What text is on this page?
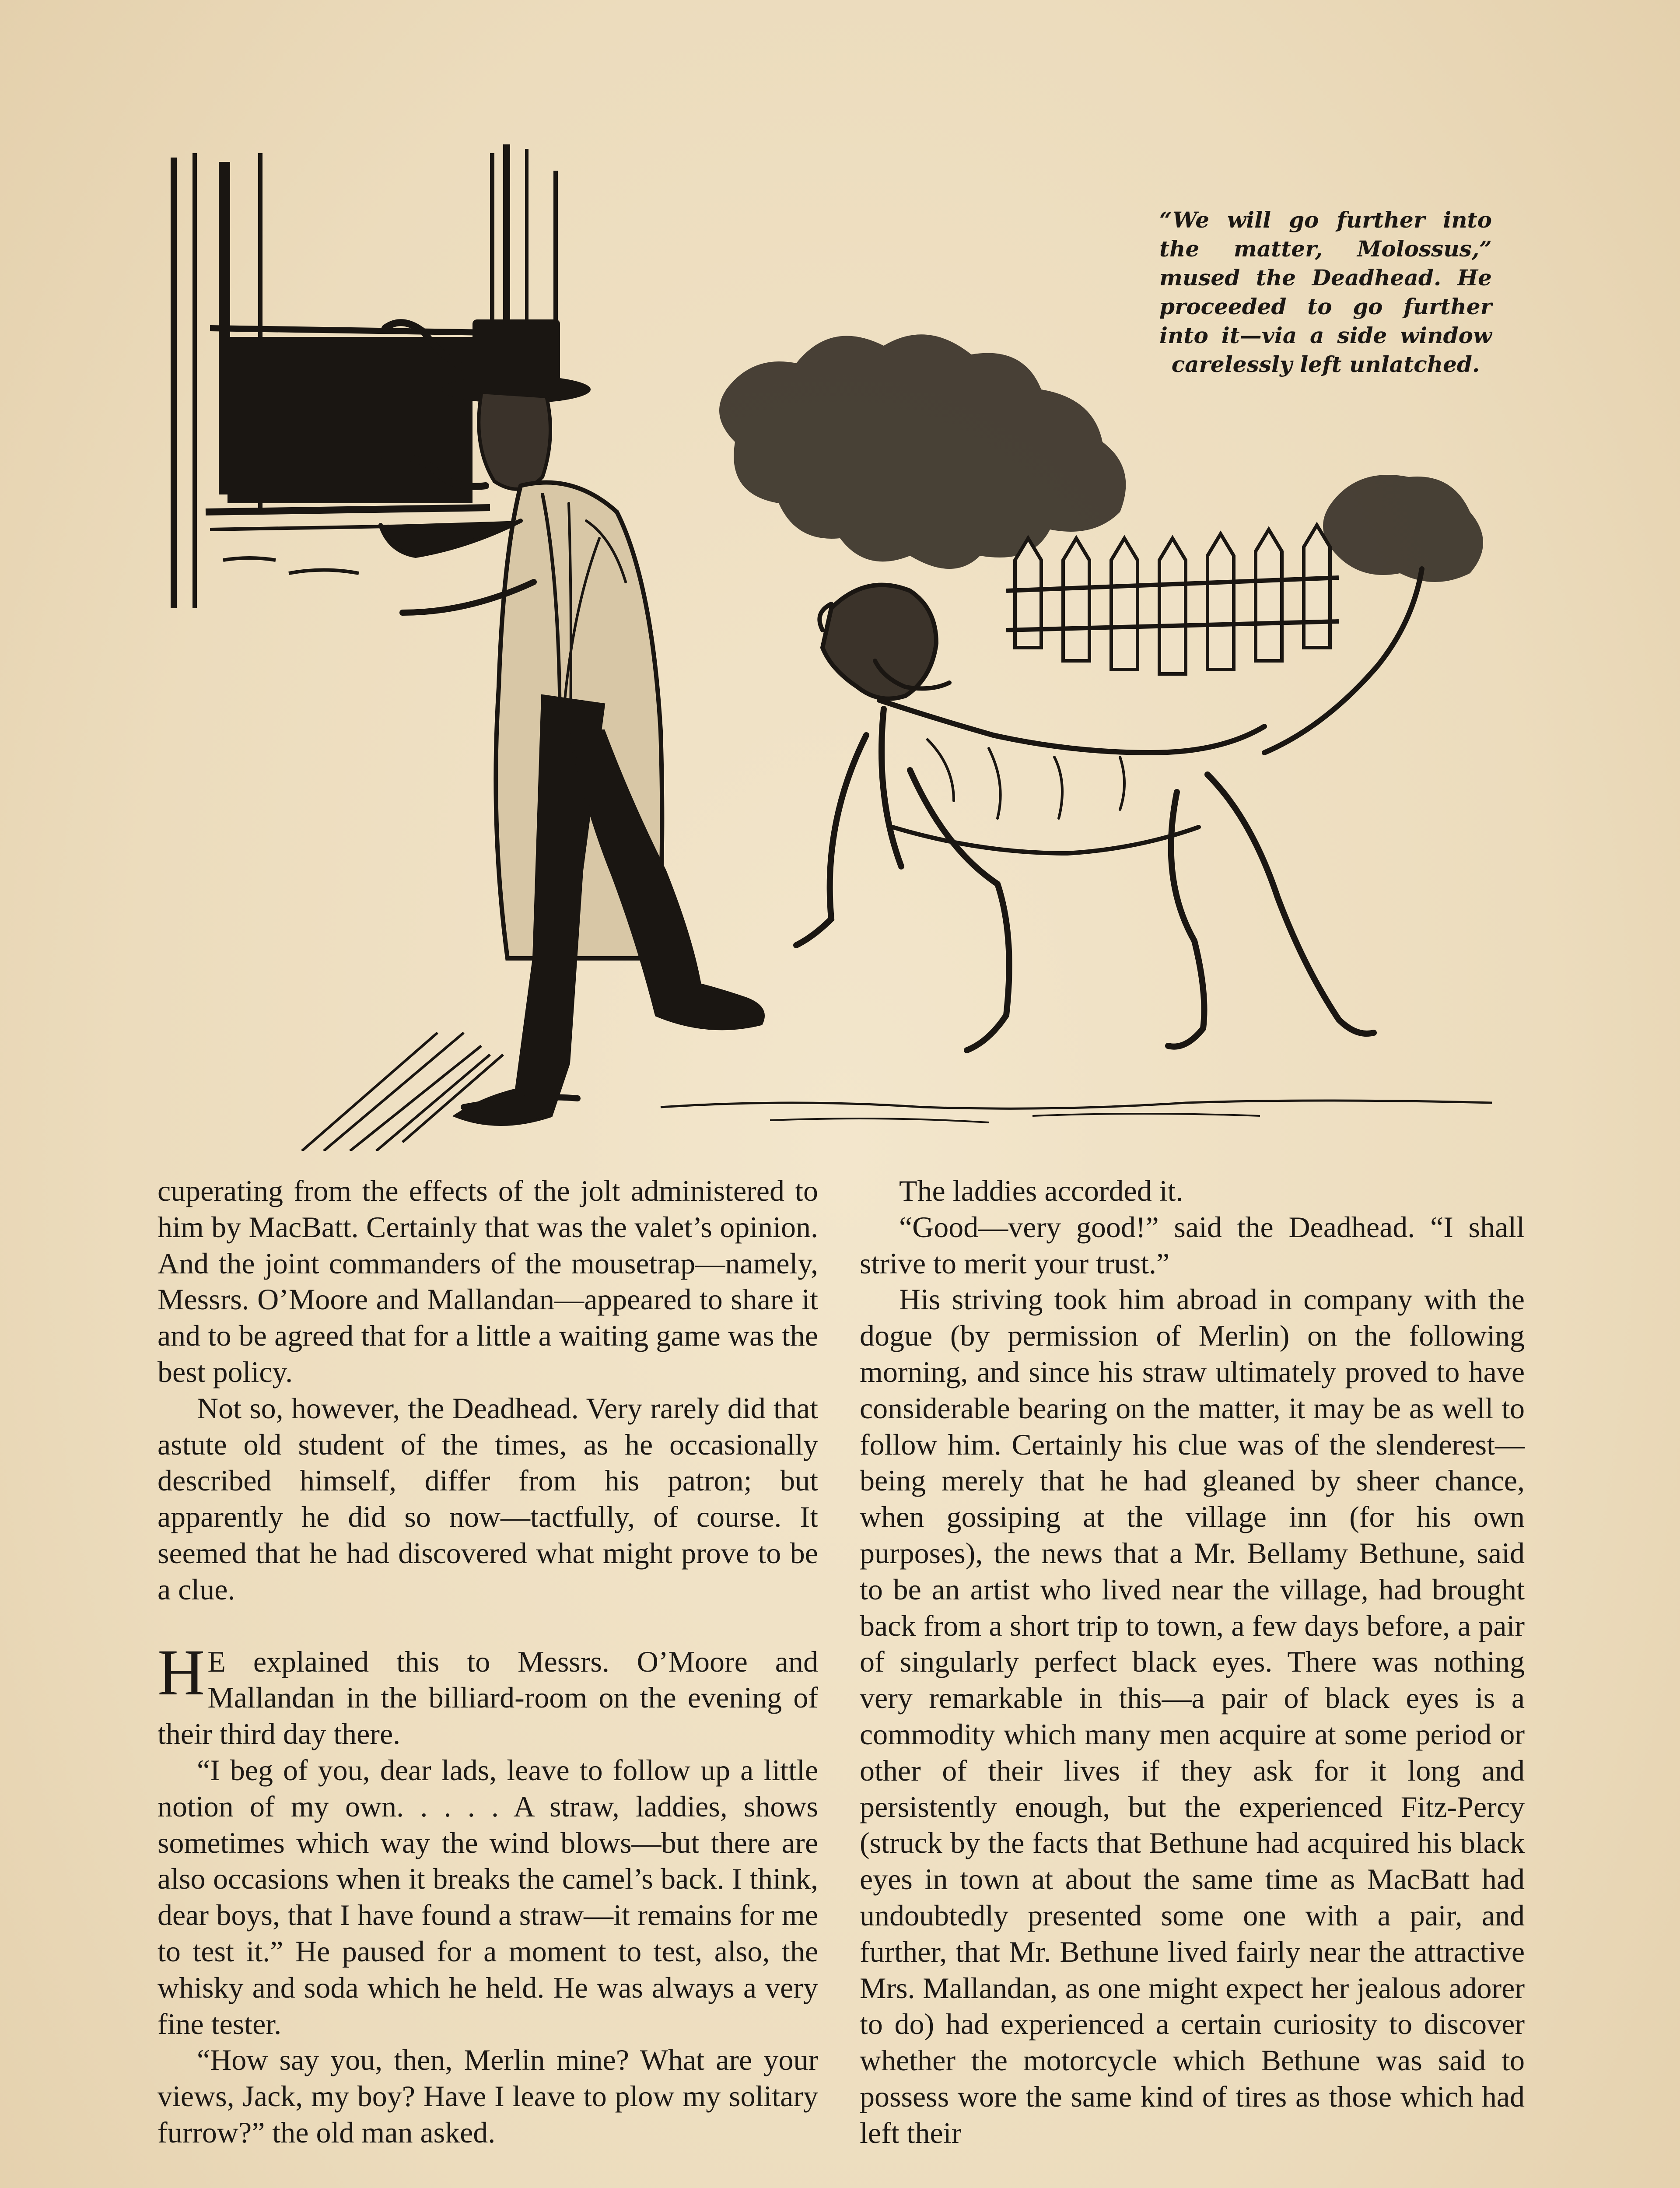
“We will go further into the matter, Molossus,” mused the Deadhead. He proceeded to go further into it—via a side window carelessly left unlatched.

cuperating from the effects of the jolt administered to him by MacBatt. Certainly that was the valet’s opinion. And the joint commanders of the mousetrap—namely, Messrs. O’Moore and Mallandan—appeared to share it and to be agreed that for a little a waiting game was the best policy.

Not so, however, the Deadhead. Very rarely did that astute old student of the times, as he occasionally described himself, differ from his patron; but apparently he did so now—tactfully, of course. It seemed that he had discovered what might prove to be a clue.

H E explained this to Messrs. O’Moore and Mallandan in the billiard-room on the evening of their third day there.

“I beg of you, dear lads, leave to follow up a little notion of my own. . . . . A straw, laddies, shows sometimes which way the wind blows—but there are also occasions when it breaks the camel’s back. I think, dear boys, that I have found a straw—it remains for me to test it.” He paused for a moment to test, also, the whisky and soda which he held. He was always a very fine tester.

“How say you, then, Merlin mine? What are your views, Jack, my boy? Have I leave to plow my solitary furrow?” the old man asked.

The laddies accorded it.

“Good—very good!” said the Deadhead. “I shall strive to merit your trust.”

His striving took him abroad in company with the dogue (by permission of Merlin) on the following morning, and since his straw ultimately proved to have considerable bearing on the matter, it may be as well to follow him. Certainly his clue was of the slenderest—being merely that he had gleaned by sheer chance, when gossiping at the village inn (for his own purposes), the news that a Mr. Bellamy Bethune, said to be an artist who lived near the village, had brought back from a short trip to town, a few days before, a pair of singularly perfect black eyes. There was nothing very remarkable in this—a pair of black eyes is a commodity which many men acquire at some period or other of their lives if they ask for it long and persistently enough, but the experienced Fitz-Percy (struck by the facts that Bethune had acquired his black eyes in town at about the same time as MacBatt had undoubtedly presented some one with a pair, and further, that Mr. Bethune lived fairly near the attractive Mrs. Mallandan, as one might expect her jealous adorer to do) had experienced a certain curiosity to discover whether the motorcycle which Bethune was said to possess wore the same kind of tires as those which had left their
